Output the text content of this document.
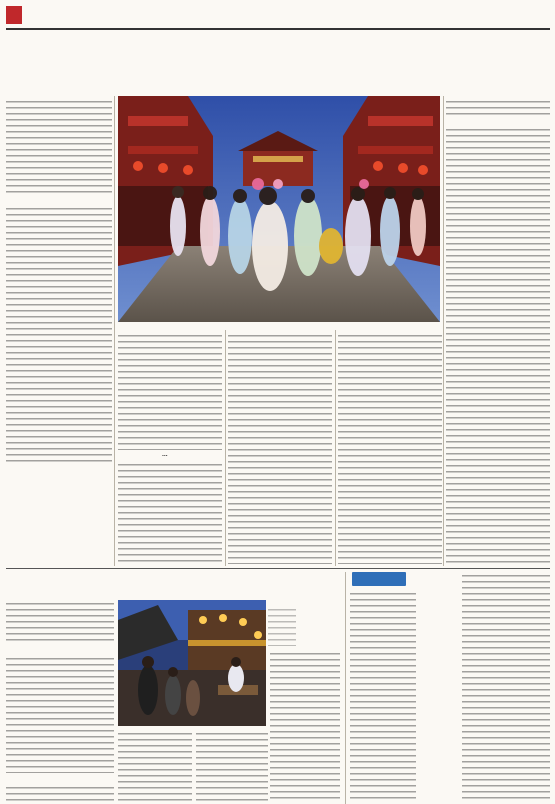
...
